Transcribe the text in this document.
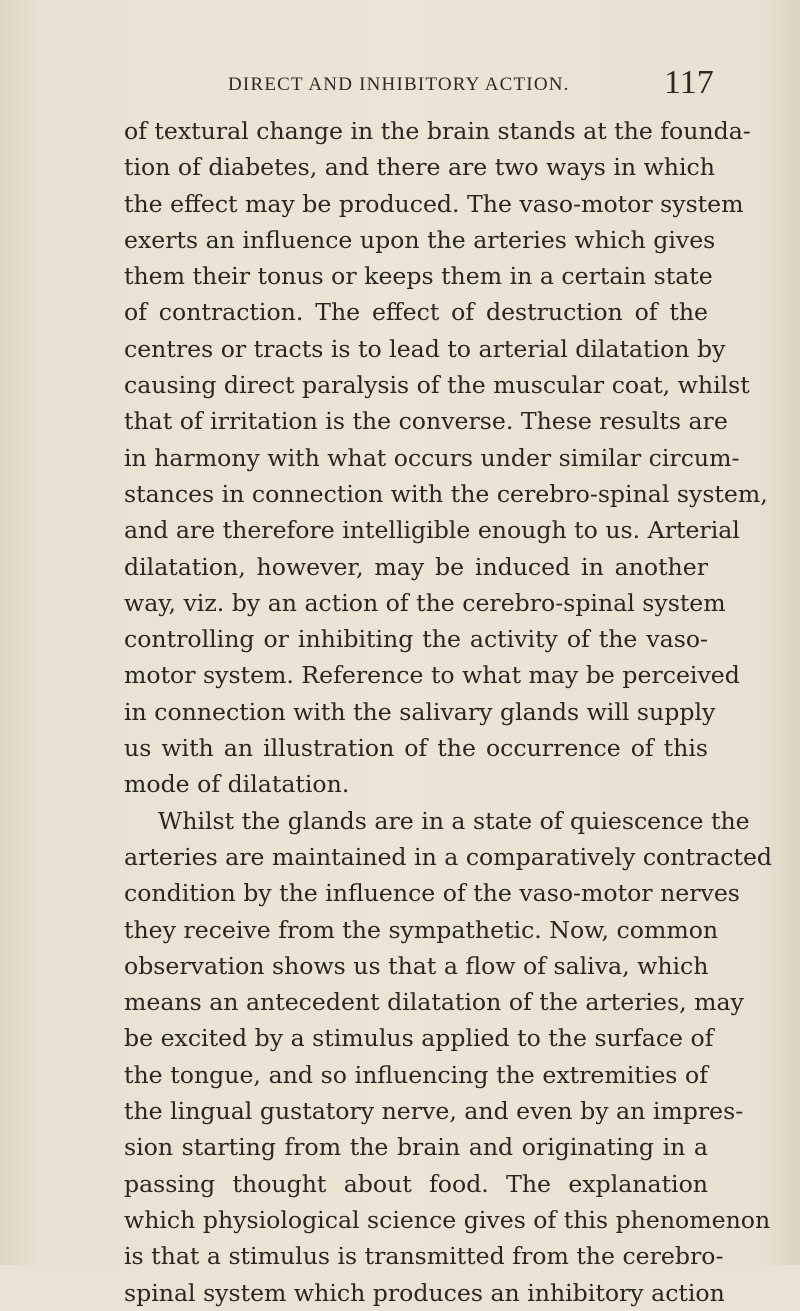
DIRECT AND INHIBITORY ACTION.	117
of textural change in the brain stands at the founda-
tion of diabetes, and there are two ways in which
the effect may be produced. The vaso-motor system
exerts an influence upon the arteries which gives
them their tonus or keeps them in a certain state
of contraction. The effect of destruction of the
centres or tracts is to lead to arterial dilatation by
causing direct paralysis of the muscular coat, whilst
that of irritation is the converse. These results are
in harmony with what occurs under similar circum-
stances in connection with the cerebro-spinal system,
and are therefore intelligible enough to us. Arterial
dilatation, however, may be induced in another
way, viz. by an action of the cerebro-spinal system
controlling or inhibiting the activity of the vaso-
motor system. Reference to what may be perceived
in connection with the salivary glands will supply
us with an illustration of the occurrence of this
mode of dilatation.
Whilst the glands are in a state of quiescence the
arteries are maintained in a comparatively contracted
condition by the influence of the vaso-motor nerves
they receive from the sympathetic. Now, common
observation shows us that a flow of saliva, which
means an antecedent dilatation of the arteries, may
be excited by a stimulus applied to the surface of
the tongue, and so influencing the extremities of
the lingual gustatory nerve, and even by an impres-
sion starting from the brain and originating in a
passing thought about food. The explanation
which physiological science gives of this phenomenon
is that a stimulus is transmitted from the cerebro-
spinal system which produces an inhibitory action
